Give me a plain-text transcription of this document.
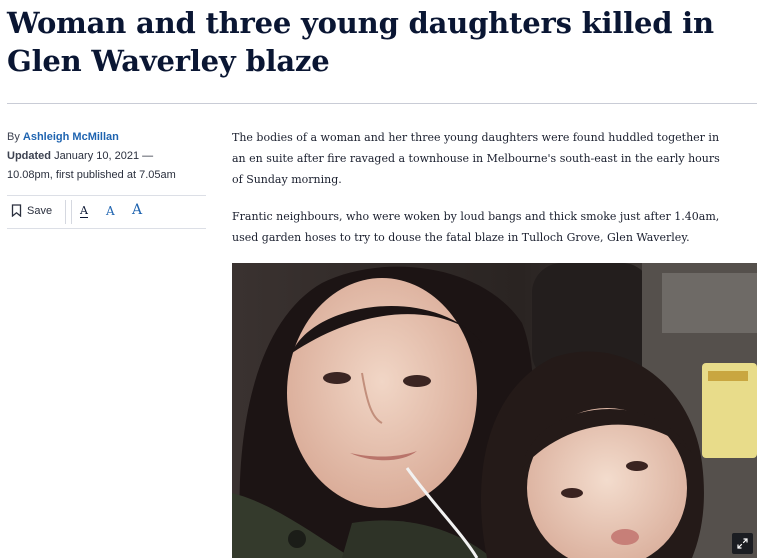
Woman and three young daughters killed in Glen Waverley blaze
By Ashleigh McMillan
Updated January 10, 2021 —
10.08pm, first published at 7.05am
Save	A A A

The bodies of a woman and her three young daughters were found huddled together in an en suite after fire ravaged a townhouse in Melbourne's south-east in the early hours of Sunday morning.

Frantic neighbours, who were woken by loud bangs and thick smoke just after 1.40am, used garden hoses to try to douse the fatal blaze in Tulloch Grove, Glen Waverley.
